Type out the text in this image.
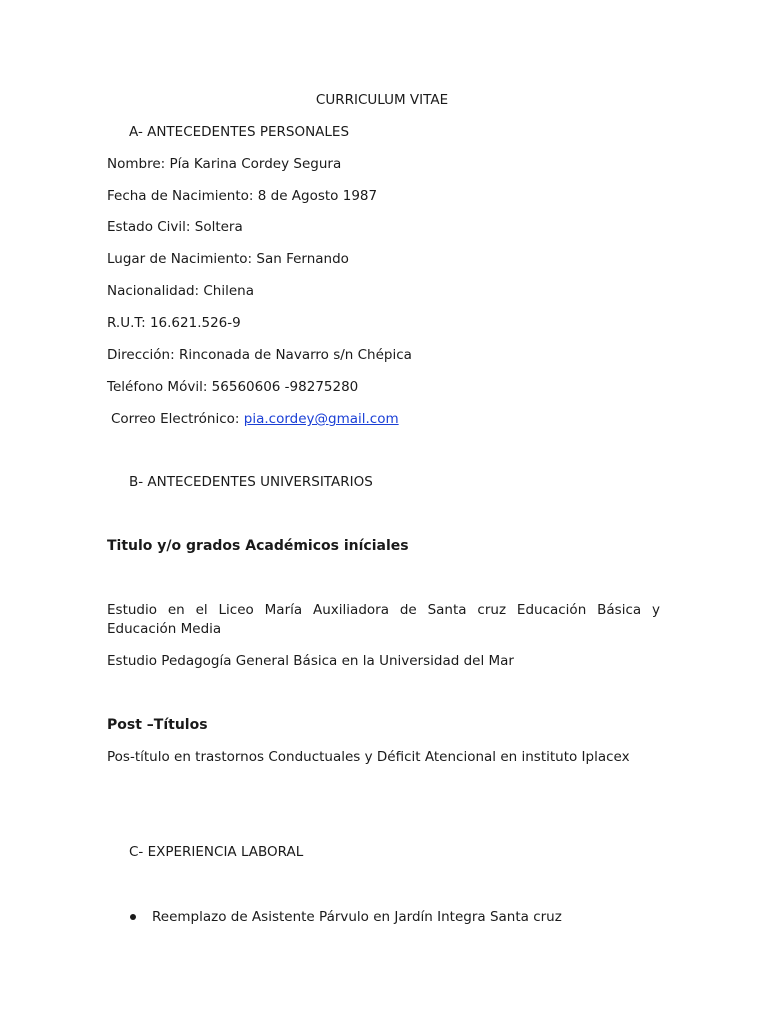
CURRICULUM VITAE
A- ANTECEDENTES PERSONALES
Nombre: Pía Karina Cordey Segura
Fecha de Nacimiento: 8 de Agosto 1987
Estado Civil: Soltera
Lugar de Nacimiento: San Fernando
Nacionalidad: Chilena
R.U.T: 16.621.526-9
Dirección: Rinconada de Navarro s/n Chépica
Teléfono Móvil: 56560606 -98275280
Correo Electrónico: pia.cordey@gmail.com
B- ANTECEDENTES UNIVERSITARIOS
Titulo y/o grados Académicos iníciales
Estudio en el Liceo María Auxiliadora de Santa cruz Educación Básica y Educación Media
Estudio Pedagogía General Básica en la Universidad del Mar
Post –Títulos
Pos-título en trastornos Conductuales y Déficit Atencional en instituto Iplacex
C- EXPERIENCIA LABORAL
Reemplazo de Asistente Párvulo en Jardín Integra Santa cruz
